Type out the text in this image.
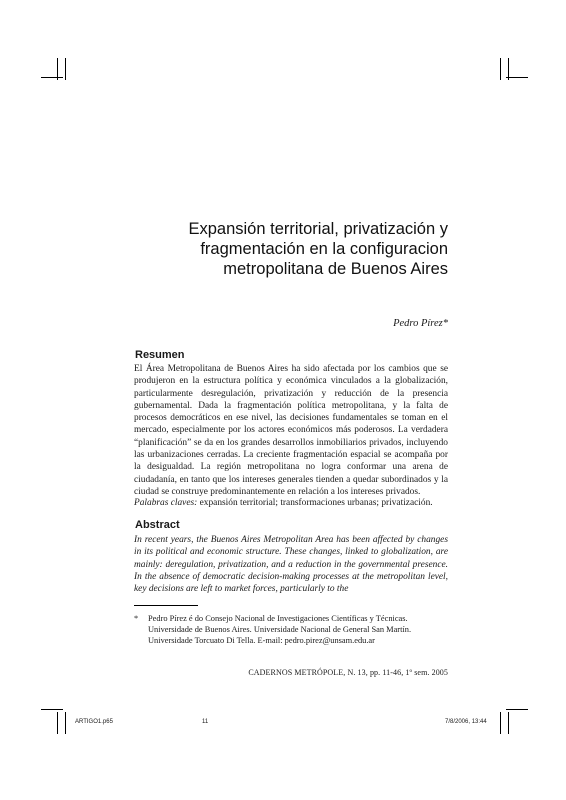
Expansión territorial, privatización y
fragmentación en la configuracion
metropolitana de Buenos Aires
Pedro Pírez*
Resumen

El Área Metropolitana de Buenos Aires ha sido afectada por los cambios que se produjeron en la estructura política y económica vinculados a la globalización, particularmente desregulación, privatización y reducción de la presencia gubernamental. Dada la fragmentación política metropolitana, y la falta de procesos democráticos en ese nivel, las decisiones fundamentales se toman en el mercado, especialmente por los actores económicos más poderosos. La verdadera “planificación” se da en los grandes desarrollos inmobiliarios privados, incluyendo las urbanizaciones cerradas. La creciente fragmentación espacial se acompaña por la desigualdad. La región metropolitana no logra conformar una arena de ciudadanía, en tanto que los intereses generales tienden a quedar subordinados y la ciudad se construye predominantemente en relación a los intereses privados.

Palabras claves: expansión territorial; transformaciones urbanas; privatización.
Abstract

In recent years, the Buenos Aires Metropolitan Area has been affected by changes in its political and economic structure. These changes, linked to globalization, are mainly: deregulation, privatization, and a reduction in the governmental presence. In the absence of democratic decision-making processes at the metropolitan level, key decisions are left to market forces, particularly to the

* Pedro Pírez é do Consejo Nacional de Investigaciones Científicas y Técnicas.
Universidade de Buenos Aires. Universidade Nacional de General San Martín.
Universidade Torcuato Di Tella. E-mail: pedro.pirez@unsam.edu.ar
CADERNOS METRÓPOLE, N. 13, pp. 11-46, 1º sem. 2005
ARTIGO1.p65	11	7/8/2006, 13:44
